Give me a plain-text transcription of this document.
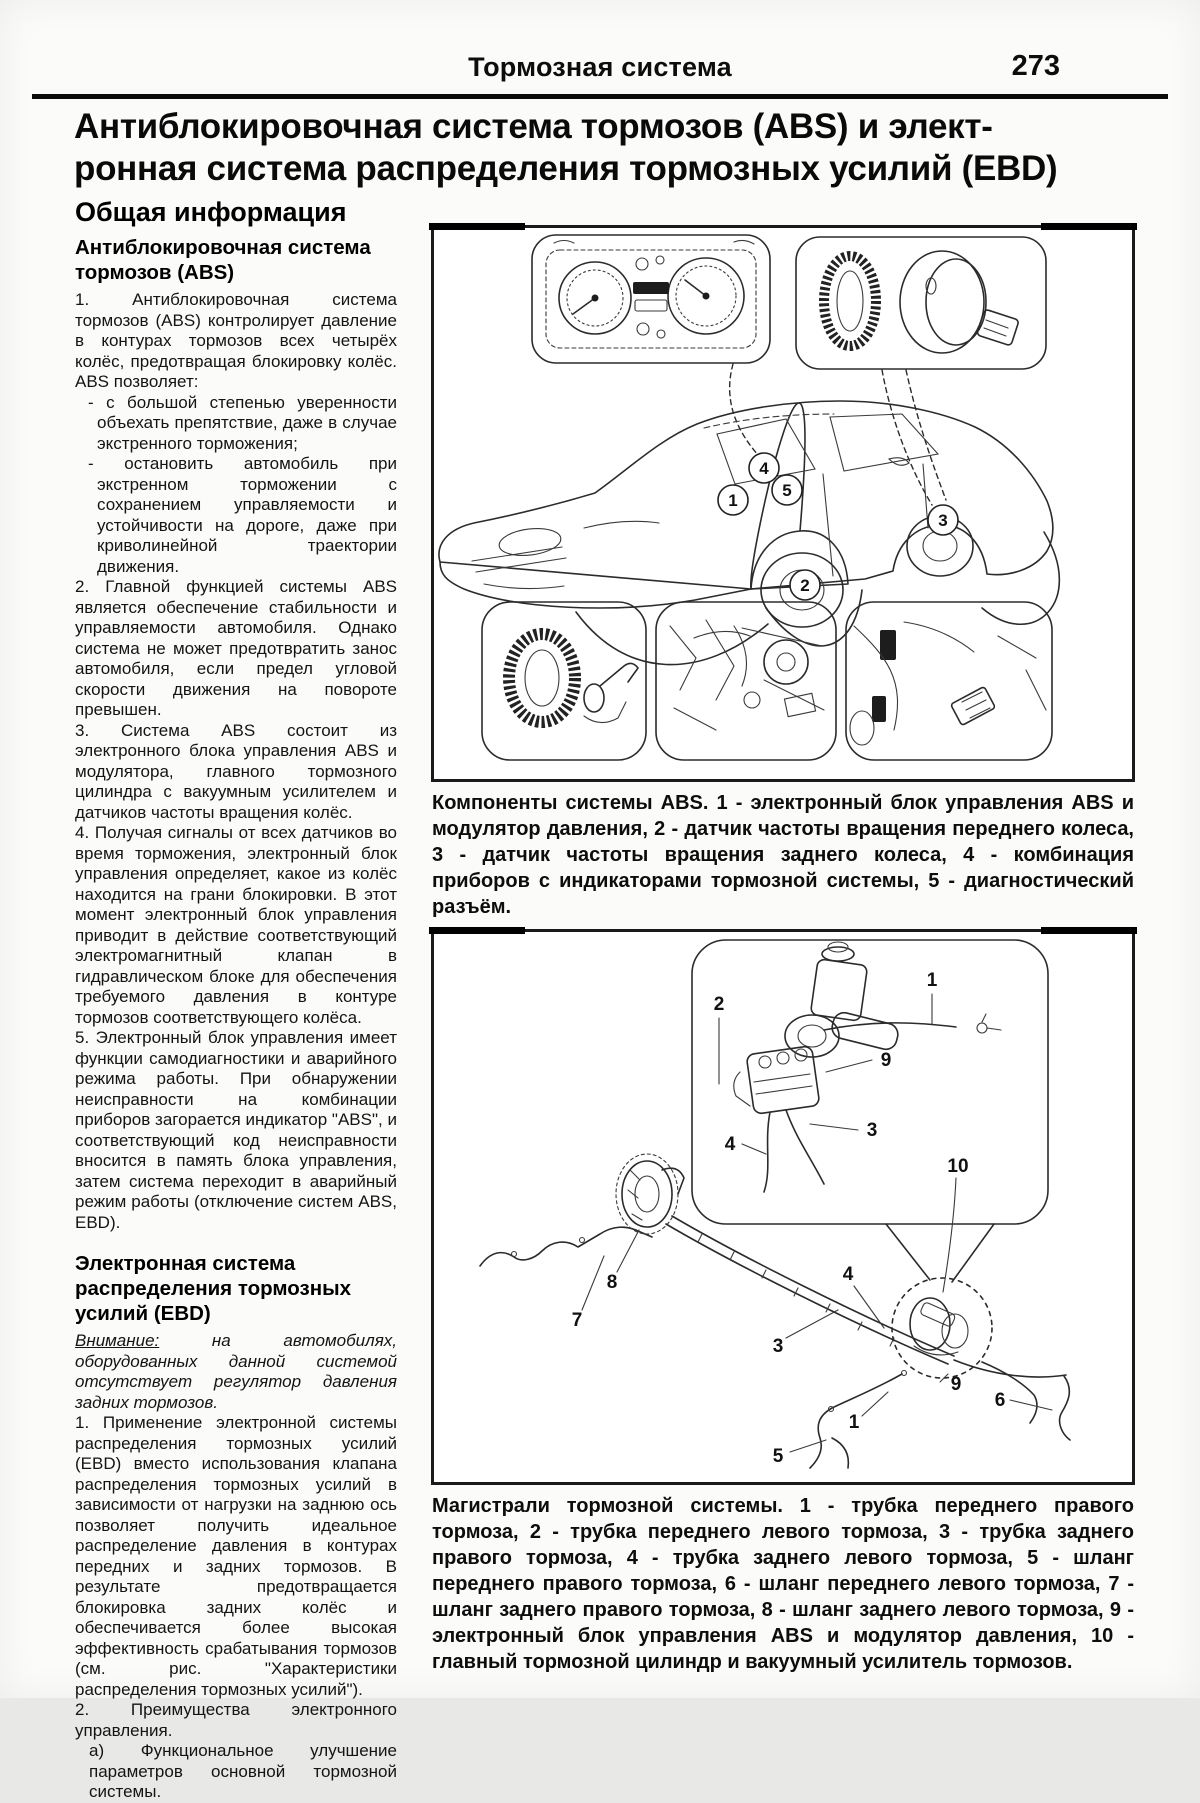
Тормозная система	273
Антиблокировочная система тормозов (ABS) и элект-
ронная система распределения тормозных усилий (EBD)
Общая информация
Антиблокировочная система тормозов (ABS)

1. Антиблокировочная система тормозов (ABS) контролирует давление в контурах тормозов всех четырёх колёс, предотвращая блокировку колёс. ABS позволяет:

- с большой степенью уверенности объехать препятствие, даже в случае экстренного торможения;

- остановить автомобиль при экстренном торможении с сохранением управляемости и устойчивости на дороге, даже при криволинейной траектории движения.

2. Главной функцией системы ABS является обеспечение стабильности и управляемости автомобиля. Однако система не может предотвратить занос автомобиля, если предел угловой скорости движения на повороте превышен.

3. Система ABS состоит из электронного блока управления ABS и модулятора, главного тормозного цилиндра с вакуумным усилителем и датчиков частоты вращения колёс.

4. Получая сигналы от всех датчиков во время торможения, электронный блок управления определяет, какое из колёс находится на грани блокировки. В этот момент электронный блок управления приводит в действие соответствующий электромагнитный клапан в гидравлическом блоке для обеспечения требуемого давления в контуре тормозов соответствующего колёса.

5. Электронный блок управления имеет функции самодиагностики и аварийного режима работы. При обнаружении неисправности на комбинации приборов загорается индикатор "ABS", и соответствующий код неисправности вносится в память блока управления, затем система переходит в аварийный режим работы (отключение систем ABS, EBD).

Электронная система распределения тормозных усилий (EBD)

Внимание: на автомобилях, оборудованных данной системой отсутствует регулятор давления задних тормозов.

1. Применение электронной системы распределения тормозных усилий (EBD) вместо использования клапана распределения тормозных усилий в зависимости от нагрузки на заднюю ось позволяет получить идеальное распределение давления в контурах передних и задних тормозов. В результате предотвращается блокировка задних колёс и обеспечивается более высокая эффективность срабатывания тормозов (см. рис. "Характеристики распределения тормозных усилий").

2. Преимущества электронного управления.

а) Функциональное улучшение параметров основной тормозной системы.

4
1
5
2
3

Компоненты системы ABS. 1 - электронный блок управления ABS и модулятор давления, 2 - датчик частоты вращения переднего колеса, 3 - датчик частоты вращения заднего колеса, 4 - комбинация приборов с индикаторами тормозной системы, 5 - диагностический разъём.

2
1
9
3
4
10
8
7
3
4
9
6
1
5

Магистрали тормозной системы. 1 - трубка переднего правого тормоза, 2 - трубка переднего левого тормоза, 3 - трубка заднего правого тормоза, 4 - трубка заднего левого тормоза, 5 - шланг переднего правого тормоза, 6 - шланг переднего левого тормоза, 7 - шланг заднего правого тормоза, 8 - шланг заднего левого тормоза, 9 - электронный блок управления ABS и модулятор давления, 10 - главный тормозной цилиндр и вакуумный усилитель тормозов.
